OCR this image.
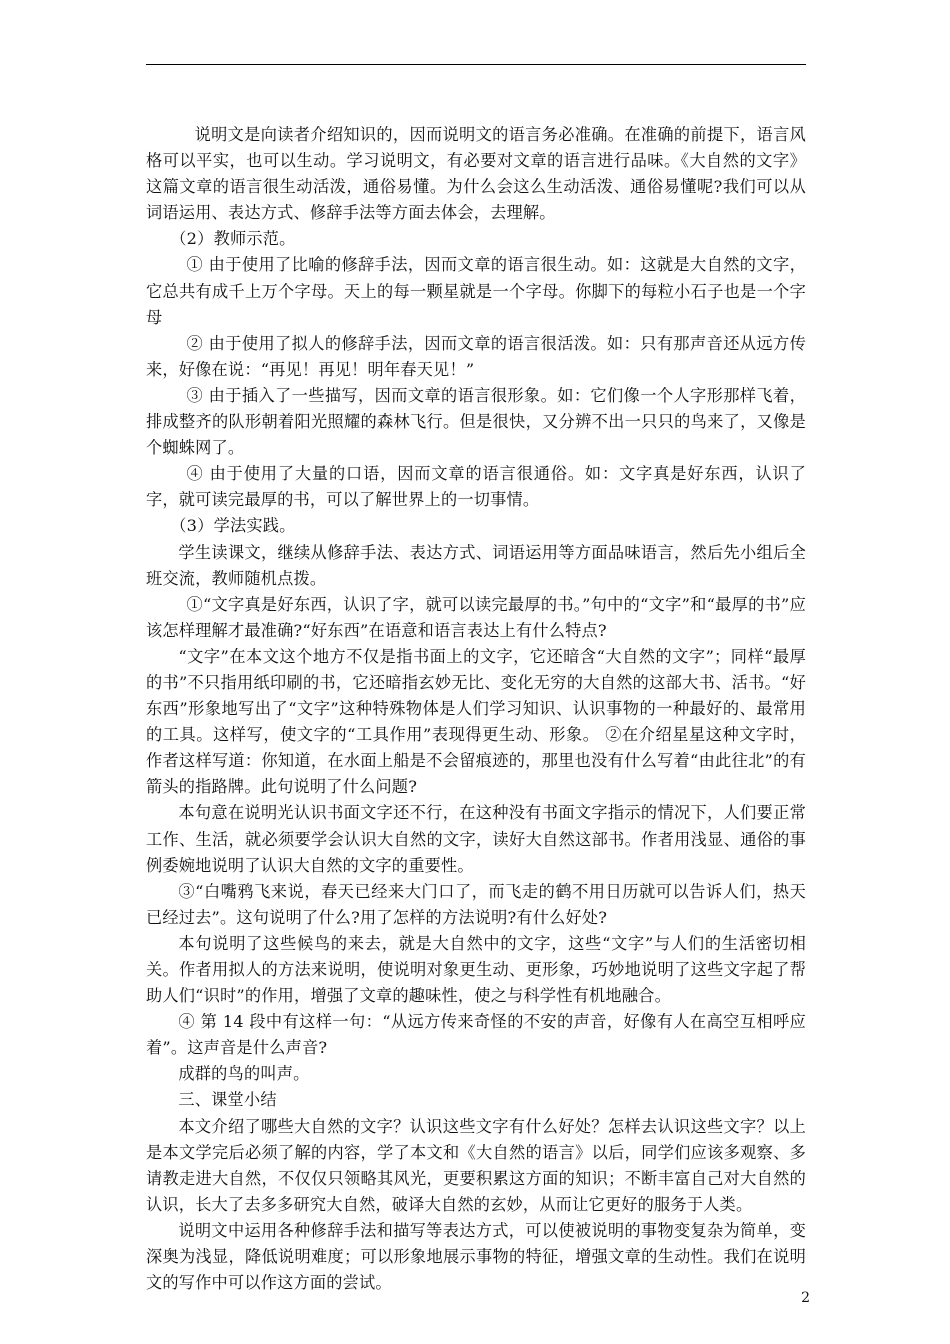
说明文是向读者介绍知识的，因而说明文的语言务必准确。在准确的前提下，语言风格可以平实，也可以生动。学习说明文，有必要对文章的语言进行品味。《大自然的文字》这篇文章的语言很生动活泼，通俗易懂。为什么会这么生动活泼、通俗易懂呢?我们可以从词语运用、表达方式、修辞手法等方面去体会，去理解。

（2）教师示范。

① 由于使用了比喻的修辞手法，因而文章的语言很生动。如：这就是大自然的文字，它总共有成千上万个字母。天上的每一颗星就是一个字母。你脚下的每粒小石子也是一个字母

② 由于使用了拟人的修辞手法，因而文章的语言很活泼。如：只有那声音还从远方传来，好像在说：“再见！再见！明年春天见！”

③ 由于插入了一些描写，因而文章的语言很形象。如：它们像一个人字形那样飞着，排成整齐的队形朝着阳光照耀的森林飞行。但是很快，又分辨不出一只只的鸟来了，又像是个蜘蛛网了。

④ 由于使用了大量的口语，因而文章的语言很通俗。如：文字真是好东西，认识了字，就可读完最厚的书，可以了解世界上的一切事情。

（3）学法实践。

学生读课文，继续从修辞手法、表达方式、词语运用等方面品味语言，然后先小组后全班交流，教师随机点拨。

①“文字真是好东西，认识了字，就可以读完最厚的书。”句中的“文字”和“最厚的书”应该怎样理解才最准确?“好东西”在语意和语言表达上有什么特点?

“文字”在本文这个地方不仅是指书面上的文字，它还暗含“大自然的文字”；同样“最厚的书”不只指用纸印刷的书，它还暗指玄妙无比、变化无穷的大自然的这部大书、活书。“好东西”形象地写出了“文字”这种特殊物体是人们学习知识、认识事物的一种最好的、最常用的工具。这样写，使文字的“工具作用”表现得更生动、形象。 ②在介绍星星这种文字时，作者这样写道：你知道，在水面上船是不会留痕迹的，那里也没有什么写着“由此往北”的有箭头的指路牌。此句说明了什么问题?

本句意在说明光认识书面文字还不行，在这种没有书面文字指示的情况下，人们要正常工作、生活，就必须要学会认识大自然的文字，读好大自然这部书。作者用浅显、通俗的事例委婉地说明了认识大自然的文字的重要性。

③“白嘴鸦飞来说，春天已经来大门口了，而飞走的鹤不用日历就可以告诉人们，热天已经过去”。这句说明了什么?用了怎样的方法说明?有什么好处?

本句说明了这些候鸟的来去，就是大自然中的文字，这些“文字”与人们的生活密切相关。作者用拟人的方法来说明，使说明对象更生动、更形象，巧妙地说明了这些文字起了帮助人们“识时”的作用，增强了文章的趣味性，使之与科学性有机地融合。

④ 第 14 段中有这样一句：“从远方传来奇怪的不安的声音，好像有人在高空互相呼应着”。这声音是什么声音?

成群的鸟的叫声。

三、课堂小结

本文介绍了哪些大自然的文字？认识这些文字有什么好处？怎样去认识这些文字？以上是本文学完后必须了解的内容，学了本文和《大自然的语言》以后，同学们应该多观察、多请教走进大自然，不仅仅只领略其风光，更要积累这方面的知识；不断丰富自己对大自然的认识，长大了去多多研究大自然，破译大自然的玄妙，从而让它更好的服务于人类。

说明文中运用各种修辞手法和描写等表达方式，可以使被说明的事物变复杂为简单，变深奥为浅显，降低说明难度；可以形象地展示事物的特征，增强文章的生动性。我们在说明文的写作中可以作这方面的尝试。

2
